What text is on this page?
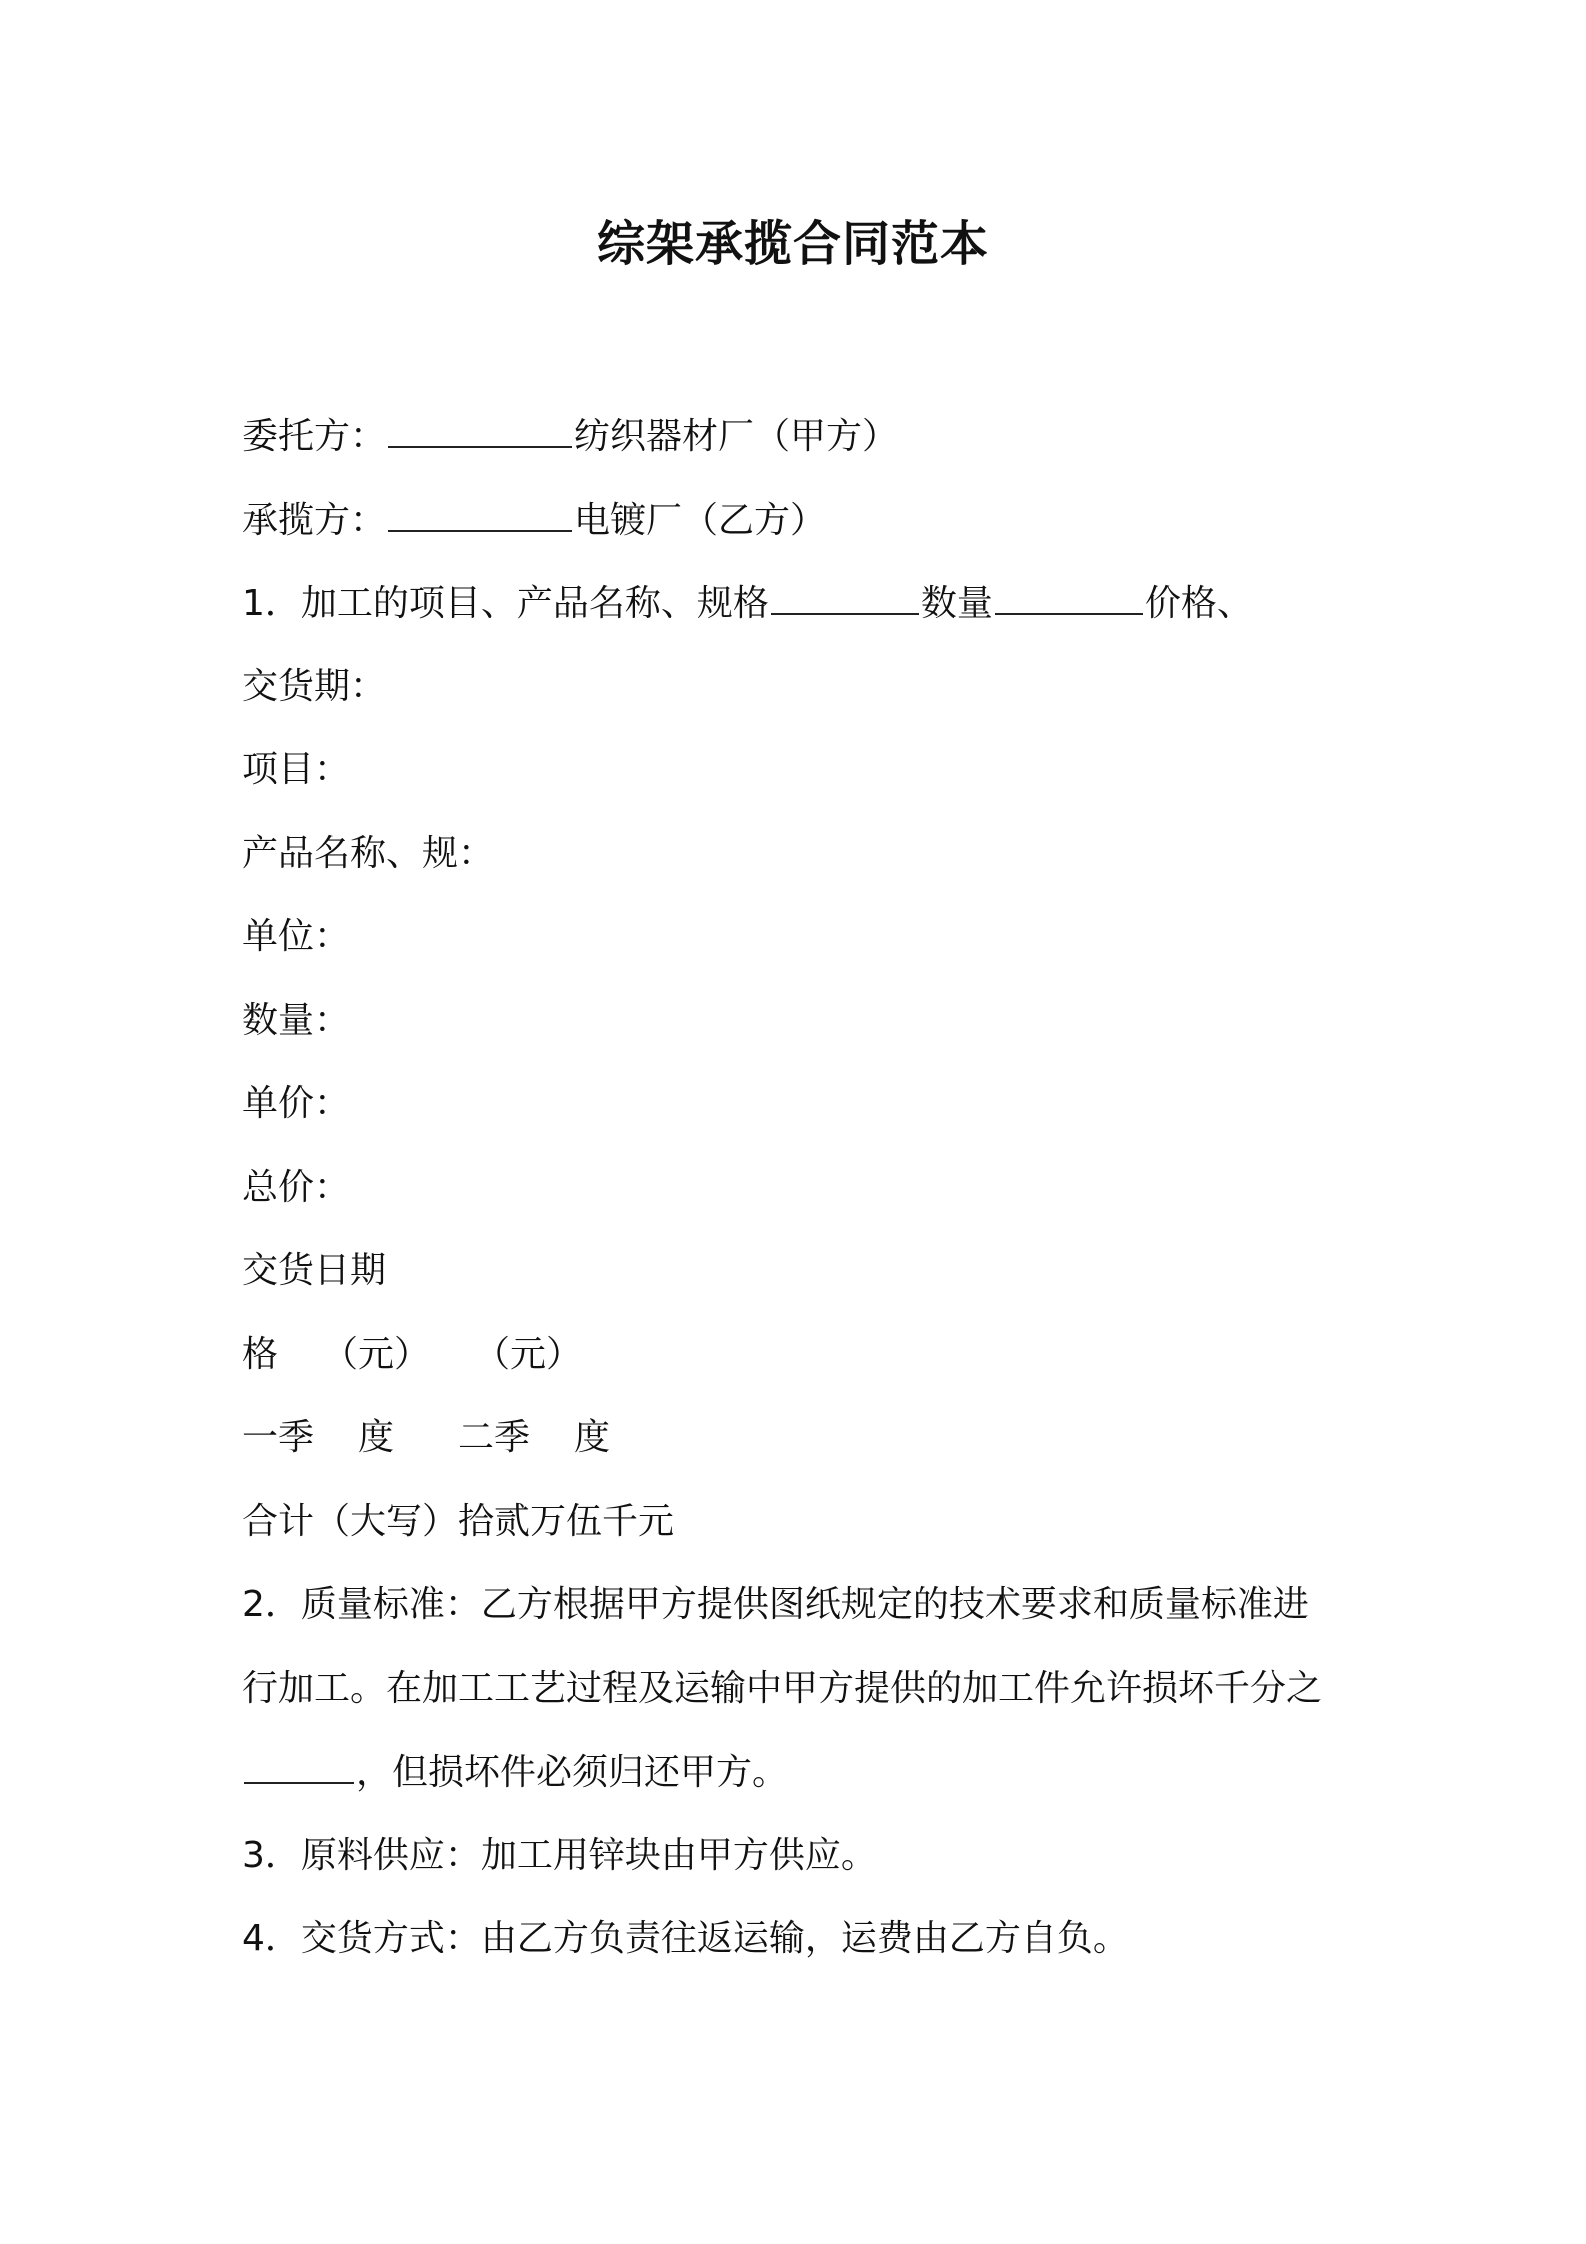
综架承揽合同范本
委托方：	纺织器材厂（甲方）
承揽方：	电镀厂（乙方）
1．加工的项目、产品名称、规格	数量	价格、
交货期：
项目：
产品名称、规：
单位：
数量：
单价：
总价：
交货日期
格 （元） （元）
一季 度 二季 度
合计（大写）拾贰万伍千元
2．质量标准：乙方根据甲方提供图纸规定的技术要求和质量标准进
行加工。在加工工艺过程及运输中甲方提供的加工件允许损坏千分之
，但损坏件必须归还甲方。
3．原料供应：加工用锌块由甲方供应。
4．交货方式：由乙方负责往返运输，运费由乙方自负。
